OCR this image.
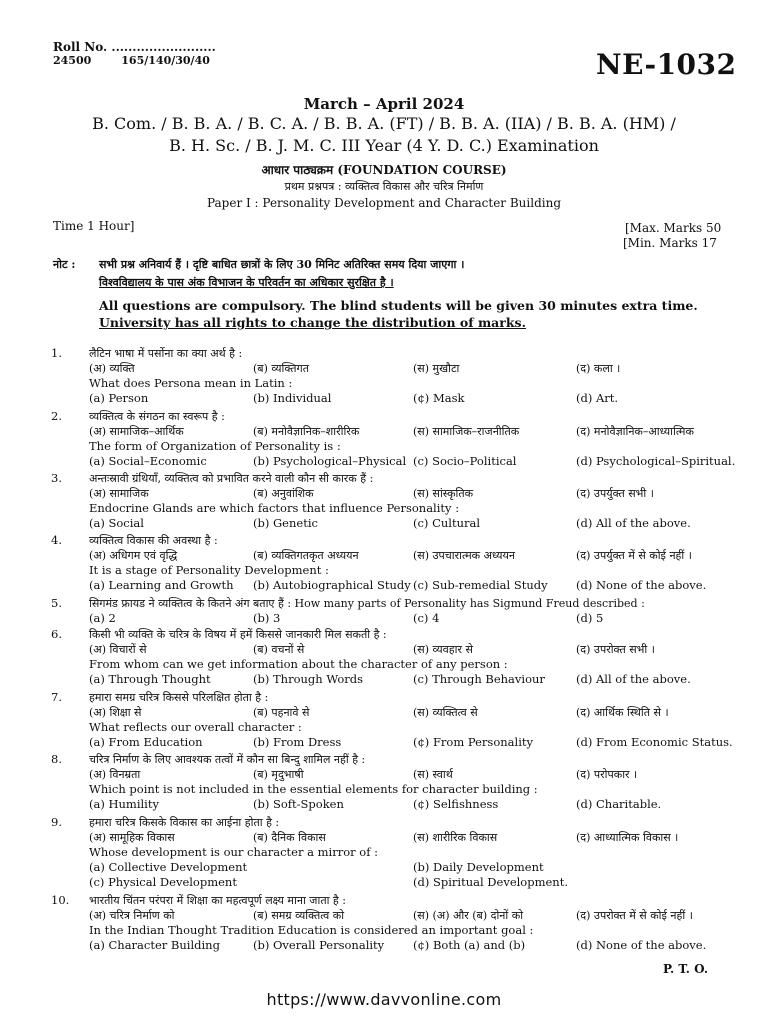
Roll No. .........................
24500	165/140/30/40	NE-1032
March – April 2024
B. Com. / B. B. A. / B. C. A. / B. B. A. (FT) / B. B. A. (IIA) / B. B. A. (HM) /
B. H. Sc. / B. J. M. C. III Year (4 Y. D. C.) Examination
आधार पाठ्यक्रम (FOUNDATION COURSE)
प्रथम प्रश्नपत्र : व्यक्तित्व विकास और चरित्र निर्माण
Paper I : Personality Development and Character Building
Time 1 Hour]	[Max. Marks 50
[Min. Marks 17
नोट : सभी प्रश्न अनिवार्य हैं । दृष्टि बाधित छात्रों के लिए 30 मिनिट अतिरिक्त समय दिया जाएगा ।
विश्वविद्यालय के पास अंक विभाजन के परिवर्तन का अधिकार सुरक्षित है ।
All questions are compulsory. The blind students will be given 30 minutes extra time.
University has all rights to change the distribution of marks.
1. लैटिन भाषा में पर्सोना का क्या अर्थ है :
(अ) व्यक्ति	(ब) व्यक्तिगत	(स) मुखौटा	(द) कला ।
What does Persona mean in Latin :
(a) Person	(b) Individual	(¢) Mask	(d) Art.
2. व्यक्तित्व के संगठन का स्वरूप है :
(अ) सामाजिक–आर्थिक	(ब) मनोवैज्ञानिक–शारीरिक	(स) सामाजिक–राजनीतिक	(द) मनोवैज्ञानिक–आध्यात्मिक
The form of Organization of Personality is :
(a) Social–Economic	(b) Psychological–Physical (c) Socio–Political	(d) Psychological–Spiritual.
3. अन्तःस्रावी ग्रंथियाँ, व्यक्तित्व को प्रभावित करने वाली कौन सी कारक हैं :
(अ) सामाजिक	(ब) अनुवांशिक	(स) सांस्कृतिक	(द) उपर्युक्त सभी ।
Endocrine Glands are which factors that influence Personality :
(a) Social	(b) Genetic	(c) Cultural	(d) All of the above.
4. व्यक्तित्व विकास की अवस्था है :
(अ) अधिगम एवं वृद्धि	(ब) व्यक्तिगतकृत अध्ययन	(स) उपचारात्मक अध्ययन	(द) उपर्युक्त में से कोई नहीं ।
It is a stage of Personality Development :
(a) Learning and Growth (b) Autobiographical Study (c) Sub-remedial Study (d) None of the above.
5. सिगमंड फ्रायड ने व्यक्तित्व के कितने अंग बताए हैं : How many parts of Personality has Sigmund Freud described :
(a) 2	(b) 3	(c) 4	(d) 5
6. किसी भी व्यक्ति के चरित्र के विषय में हमें किससे जानकारी मिल सकती है :
(अ) विचारों से	(ब) वचनों से	(स) व्यवहार से	(द) उपरोक्त सभी ।
From whom can we get information about the character of any person :
(a) Through Thought	(b) Through Words	(c) Through Behaviour	(d) All of the above.
7. हमारा समग्र चरित्र किससे परिलक्षित होता है :
(अ) शिक्षा से	(ब) पहनावे से	(स) व्यक्तित्व से	(द) आर्थिक स्थिति से ।
What reflects our overall character :
(a) From Education	(b) From Dress	(¢) From Personality	(d) From Economic Status.
8. चरित्र निर्माण के लिए आवश्यक तत्वों में कौन सा बिन्दु शामिल नहीं है :
(अ) विनम्रता	(ब) मृदुभाषी	(स) स्वार्थ	(द) परोपकार ।
Which point is not included in the essential elements for character building :
(a) Humility	(b) Soft-Spoken	(¢) Selfishness	(d) Charitable.
9. हमारा चरित्र किसके विकास का आईना होता है :
(अ) सामूहिक विकास	(ब) दैनिक विकास	(स) शारीरिक विकास	(द) आध्यात्मिक विकास ।
Whose development is our character a mirror of :
(a) Collective Development	(b) Daily Development
(c) Physical Development	(d) Spiritual Development.
10. भारतीय चिंतन परंपरा में शिक्षा का महत्वपूर्ण लक्ष्य माना जाता है :
(अ) चरित्र निर्माण को	(ब) समग्र व्यक्तित्व को	(स) (अ) और (ब) दोनों को	(द) उपरोक्त में से कोई नहीं ।
In the Indian Thought Tradition Education is considered an important goal :
(a) Character Building	(b) Overall Personality	(¢) Both (a) and (b)	(d) None of the above.
P. T. O.
https://www.davvonline.com
